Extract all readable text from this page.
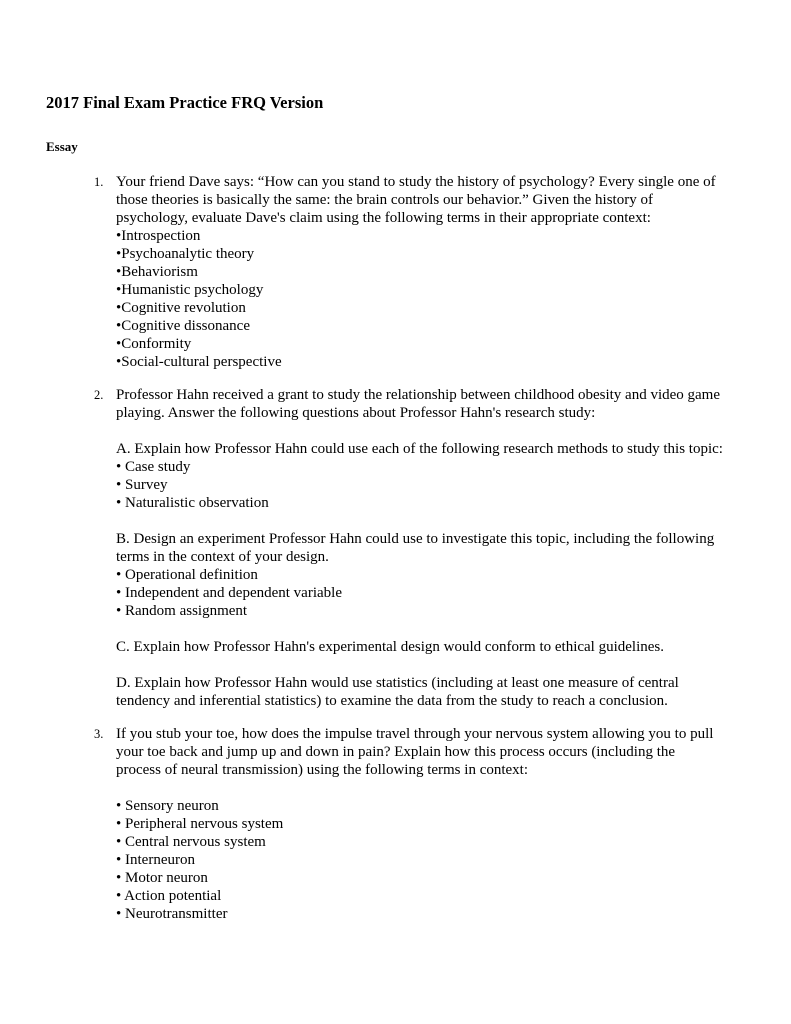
2017 Final Exam Practice FRQ Version
Essay
1. Your friend Dave says: “How can you stand to study the history of psychology? Every single one of
those theories is basically the same: the brain controls our behavior.” Given the history of
psychology, evaluate Dave's claim using the following terms in their appropriate context:
•Introspection
•Psychoanalytic theory
•Behaviorism
•Humanistic psychology
•Cognitive revolution
•Cognitive dissonance
•Conformity
•Social-cultural perspective
2. Professor Hahn received a grant to study the relationship between childhood obesity and video game
playing. Answer the following questions about Professor Hahn's research study:
A. Explain how Professor Hahn could use each of the following research methods to study this topic:
• Case study
• Survey
• Naturalistic observation
B. Design an experiment Professor Hahn could use to investigate this topic, including the following
terms in the context of your design.
• Operational definition
• Independent and dependent variable
• Random assignment
C. Explain how Professor Hahn's experimental design would conform to ethical guidelines.
D. Explain how Professor Hahn would use statistics (including at least one measure of central
tendency and inferential statistics) to examine the data from the study to reach a conclusion.
3. If you stub your toe, how does the impulse travel through your nervous system allowing you to pull
your toe back and jump up and down in pain? Explain how this process occurs (including the
process of neural transmission) using the following terms in context:
• Sensory neuron
• Peripheral nervous system
• Central nervous system
• Interneuron
• Motor neuron
• Action potential
• Neurotransmitter
